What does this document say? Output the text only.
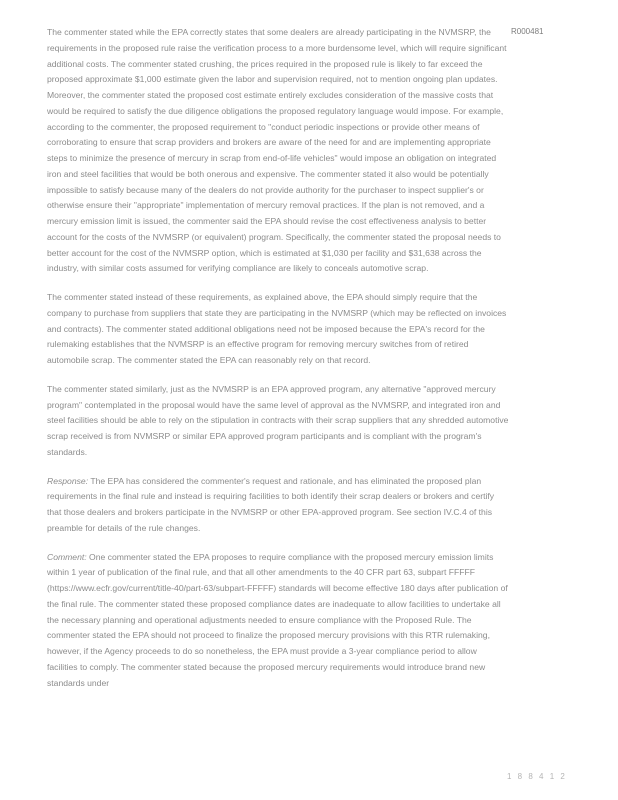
R000481

The commenter stated while the EPA correctly states that some dealers are already participating in the NVMSRP, the requirements in the proposed rule raise the verification process to a more burdensome level, which will require significant additional costs. The commenter stated crushing, the prices required in the proposed rule is likely to far exceed the proposed approximate $1,000 estimate given the labor and supervision required, not to mention ongoing plan updates. Moreover, the commenter stated the proposed cost estimate entirely excludes consideration of the massive costs that would be required to satisfy the due diligence obligations the proposed regulatory language would impose. For example, according to the commenter, the proposed requirement to "conduct periodic inspections or provide other means of corroborating to ensure that scrap providers and brokers are aware of the need for and are implementing appropriate steps to minimize the presence of mercury in scrap from end-of-life vehicles" would impose an obligation on integrated iron and steel facilities that would be both onerous and expensive. The commenter stated it also would be potentially impossible to satisfy because many of the dealers do not provide authority for the purchaser to inspect supplier's or otherwise ensure their "appropriate" implementation of mercury removal practices. If the plan is not removed, and a mercury emission limit is issued, the commenter said the EPA should revise the cost effectiveness analysis to better account for the costs of the NVMSRP (or equivalent) program. Specifically, the commenter stated the proposal needs to better account for the cost of the NVMSRP option, which is estimated at $1,030 per facility and $31,638 across the industry, with similar costs assumed for verifying compliance are likely to conceals automotive scrap.

The commenter stated instead of these requirements, as explained above, the EPA should simply require that the company to purchase from suppliers that state they are participating in the NVMSRP (which may be reflected on invoices and contracts). The commenter stated additional obligations need not be imposed because the EPA's record for the rulemaking establishes that the NVMSRP is an effective program for removing mercury switches from of retired automobile scrap. The commenter stated the EPA can reasonably rely on that record.

The commenter stated similarly, just as the NVMSRP is an EPA approved program, any alternative "approved mercury program" contemplated in the proposal would have the same level of approval as the NVMSRP, and integrated iron and steel facilities should be able to rely on the stipulation in contracts with their scrap suppliers that any shredded automotive scrap received is from NVMSRP or similar EPA approved program participants and is compliant with the program's standards.

Response: The EPA has considered the commenter's request and rationale, and has eliminated the proposed plan requirements in the final rule and instead is requiring facilities to both identify their scrap dealers or brokers and certify that those dealers and brokers participate in the NVMSRP or other EPA-approved program. See section IV.C.4 of this preamble for details of the rule changes.

Comment: One commenter stated the EPA proposes to require compliance with the proposed mercury emission limits within 1 year of publication of the final rule, and that all other amendments to the 40 CFR part 63, subpart FFFFF (https://www.ecfr.gov/current/title-40/part-63/subpart-FFFFF) standards will become effective 180 days after publication of the final rule. The commenter stated these proposed compliance dates are inadequate to allow facilities to undertake all the necessary planning and operational adjustments needed to ensure compliance with the Proposed Rule. The commenter stated the EPA should not proceed to finalize the proposed mercury provisions with this RTR rulemaking, however, if the Agency proceeds to do so nonetheless, the EPA must provide a 3-year compliance period to allow facilities to comply. The commenter stated because the proposed mercury requirements would introduce brand new standards under

1 8 8 4 1 2
